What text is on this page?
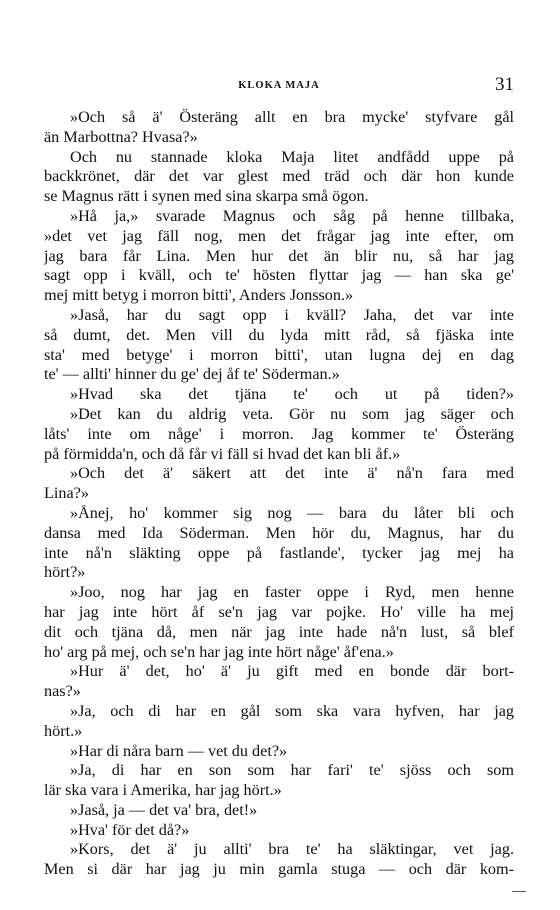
KLOKA MAJA	31
»Och så ä' Österäng allt en bra mycke' styfvare gål
än Marbottna? Hvasa?»
Och nu stannade kloka Maja litet andfådd uppe på
backkrönet, där det var glest med träd och där hon kunde
se Magnus rätt i synen med sina skarpa små ögon.
»Hå ja,» svarade Magnus och såg på henne tillbaka,
»det vet jag fäll nog, men det frågar jag inte efter, om
jag bara får Lina. Men hur det än blir nu, så har jag
sagt opp i kväll, och te' hösten flyttar jag — han ska ge'
mej mitt betyg i morron bitti', Anders Jonsson.»
»Jaså, har du sagt opp i kväll? Jaha, det var inte
så dumt, det. Men vill du lyda mitt råd, så fjäska inte
sta' med betyge' i morron bitti', utan lugna dej en dag
te' — allti' hinner du ge' dej åf te' Söderman.»
»Hvad ska det tjäna te' och ut på tiden?»
»Det kan du aldrig veta. Gör nu som jag säger och
låts' inte om någe' i morron. Jag kommer te' Österäng
på förmidda'n, och då får vi fäll si hvad det kan bli åf.»
»Och det ä' säkert att det inte ä' nå'n fara med
Lina?»
»Ånej, ho' kommer sig nog — bara du låter bli och
dansa med Ida Söderman. Men hör du, Magnus, har du
inte nå'n släkting oppe på fastlande', tycker jag mej ha
hört?»
»Joo, nog har jag en faster oppe i Ryd, men henne
har jag inte hört åf se'n jag var pojke. Ho' ville ha mej
dit och tjäna då, men när jag inte hade nå'n lust, så blef
ho' arg på mej, och se'n har jag inte hört någe' åf'ena.»
»Hur ä' det, ho' ä' ju gift med en bonde där bort-
nas?»
»Ja, och di har en gål som ska vara hyfven, har jag
hört.»
»Har di nåra barn — vet du det?»
»Ja, di har en son som har fari' te' sjöss och som
lär ska vara i Amerika, har jag hört.»
»Jaså, ja — det va' bra, det!»
»Hva' för det då?»
»Kors, det ä' ju allti' bra te' ha släktingar, vet jag.
Men si där har jag ju min gamla stuga — och där kom-
